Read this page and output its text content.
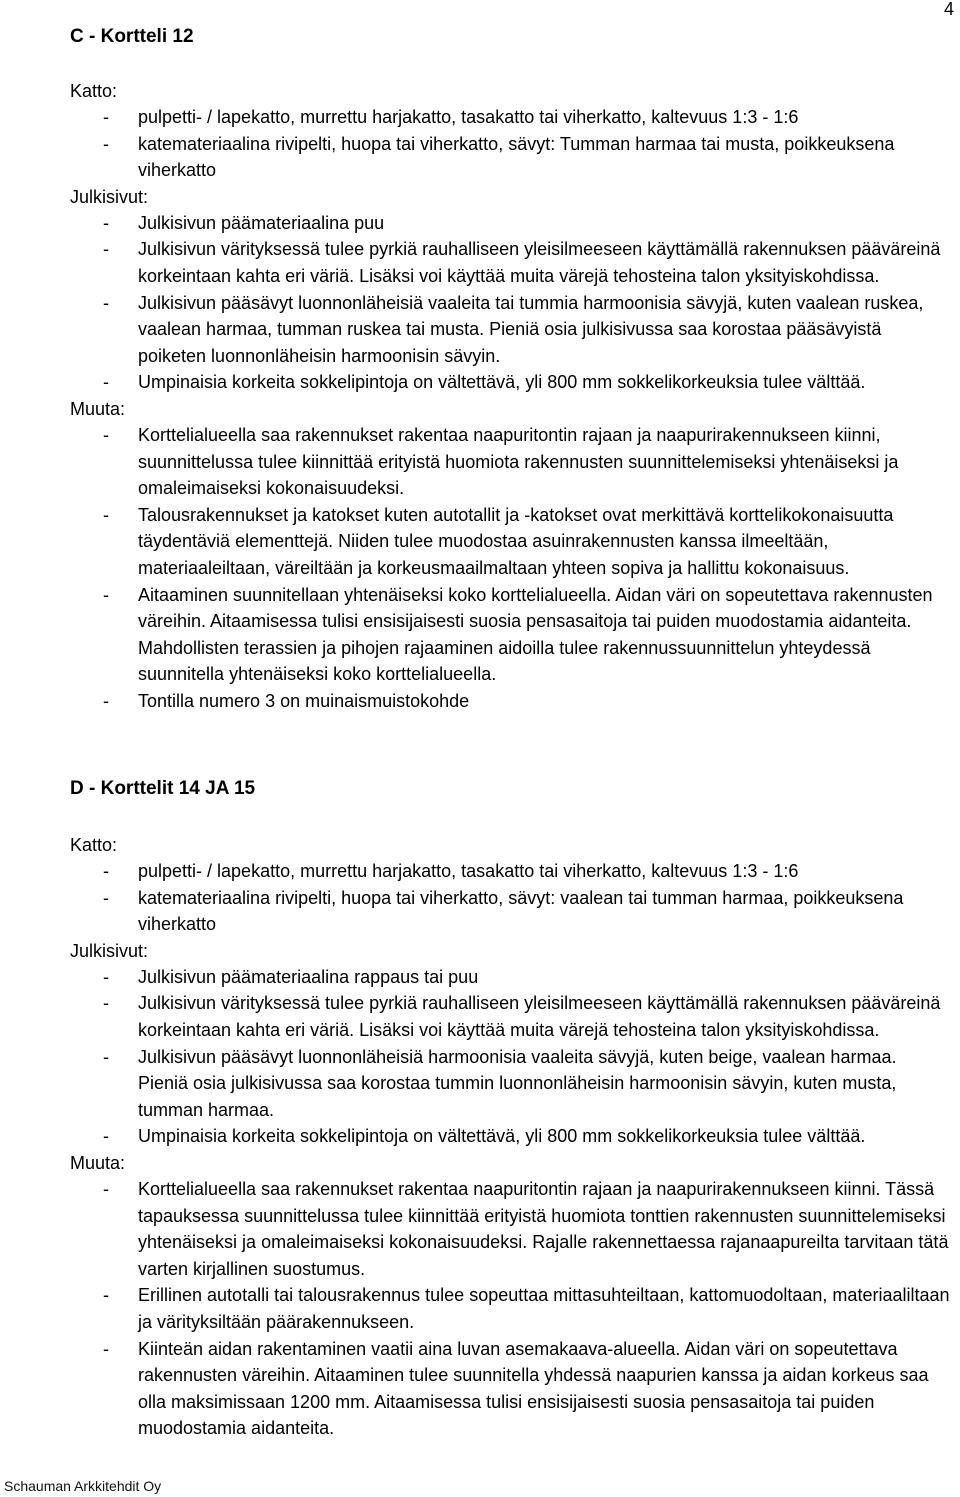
4
C - Kortteli 12

Katto:

- pulpetti- / lapekatto, murrettu harjakatto, tasakatto tai viherkatto, kaltevuus 1:3 - 1:6
- katemateriaalina rivipelti, huopa tai viherkatto, sävyt: Tumman harmaa tai musta, poikkeuksena viherkatto

Julkisivut:

- Julkisivun päämateriaalina puu
- Julkisivun värityksessä tulee pyrkiä rauhalliseen yleisilmeeseen käyttämällä rakennuksen pääväreinä korkeintaan kahta eri väriä. Lisäksi voi käyttää muita värejä tehosteina talon yksityiskohdissa.
- Julkisivun pääsävyt luonnonläheisiä vaaleita tai tummia harmoonisia sävyjä, kuten vaalean ruskea, vaalean harmaa, tumman ruskea tai musta. Pieniä osia julkisivussa saa korostaa pääsävyistä poiketen luonnonläheisin harmoonisin sävyin.
- Umpinaisia korkeita sokkelipintoja on vältettävä, yli 800 mm sokkelikorkeuksia tulee välttää.

Muuta:

- Korttelialueella saa rakennukset rakentaa naapuritontin rajaan ja naapurirakennukseen kiinni, suunnittelussa tulee kiinnittää erityistä huomiota rakennusten suunnittelemiseksi yhtenäiseksi ja omaleimaiseksi kokonaisuudeksi.
- Talousrakennukset ja katokset kuten autotallit ja -katokset ovat merkittävä korttelikokonaisuutta täydentäviä elementtejä. Niiden tulee muodostaa asuinrakennusten kanssa ilmeeltään, materiaaleiltaan, väreiltään ja korkeusmaailmaltaan yhteen sopiva ja hallittu kokonaisuus.
- Aitaaminen suunnitellaan yhtenäiseksi koko korttelialueella. Aidan väri on sopeutettava rakennusten väreihin. Aitaamisessa tulisi ensisijaisesti suosia pensasaitoja tai puiden muodostamia aidanteita. Mahdollisten terassien ja pihojen rajaaminen aidoilla tulee rakennussuunnittelun yhteydessä suunnitella yhtenäiseksi koko korttelialueella.
- Tontilla numero 3 on muinaismuistokohde
D - Korttelit 14 JA 15

Katto:

- pulpetti- / lapekatto, murrettu harjakatto, tasakatto tai viherkatto, kaltevuus 1:3 - 1:6
- katemateriaalina rivipelti, huopa tai viherkatto, sävyt: vaalean tai tumman harmaa, poikkeuksena viherkatto

Julkisivut:

- Julkisivun päämateriaalina rappaus tai puu
- Julkisivun värityksessä tulee pyrkiä rauhalliseen yleisilmeeseen käyttämällä rakennuksen pääväreinä korkeintaan kahta eri väriä. Lisäksi voi käyttää muita värejä tehosteina talon yksityiskohdissa.
- Julkisivun pääsävyt luonnonläheisiä harmoonisia vaaleita sävyjä, kuten beige, vaalean harmaa. Pieniä osia julkisivussa saa korostaa tummin luonnonläheisin harmoonisin sävyin, kuten musta, tumman harmaa.
- Umpinaisia korkeita sokkelipintoja on vältettävä, yli 800 mm sokkelikorkeuksia tulee välttää.

Muuta:

- Korttelialueella saa rakennukset rakentaa naapuritontin rajaan ja naapurirakennukseen kiinni. Tässä tapauksessa suunnittelussa tulee kiinnittää erityistä huomiota tonttien rakennusten suunnittelemiseksi yhtenäiseksi ja omaleimaiseksi kokonaisuudeksi. Rajalle rakennettaessa rajanaapureilta tarvitaan tätä varten kirjallinen suostumus.
- Erillinen autotalli tai talousrakennus tulee sopeuttaa mittasuhteiltaan, kattomuodoltaan, materiaaliltaan ja värityksiltään päärakennukseen.
- Kiinteän aidan rakentaminen vaatii aina luvan asemakaava-alueella. Aidan väri on sopeutettava rakennusten väreihin. Aitaaminen tulee suunnitella yhdessä naapurien kanssa ja aidan korkeus saa olla maksimissaan 1200 mm. Aitaamisessa tulisi ensisijaisesti suosia pensasaitoja tai puiden muodostamia aidanteita.
Schauman Arkkitehdit Oy
